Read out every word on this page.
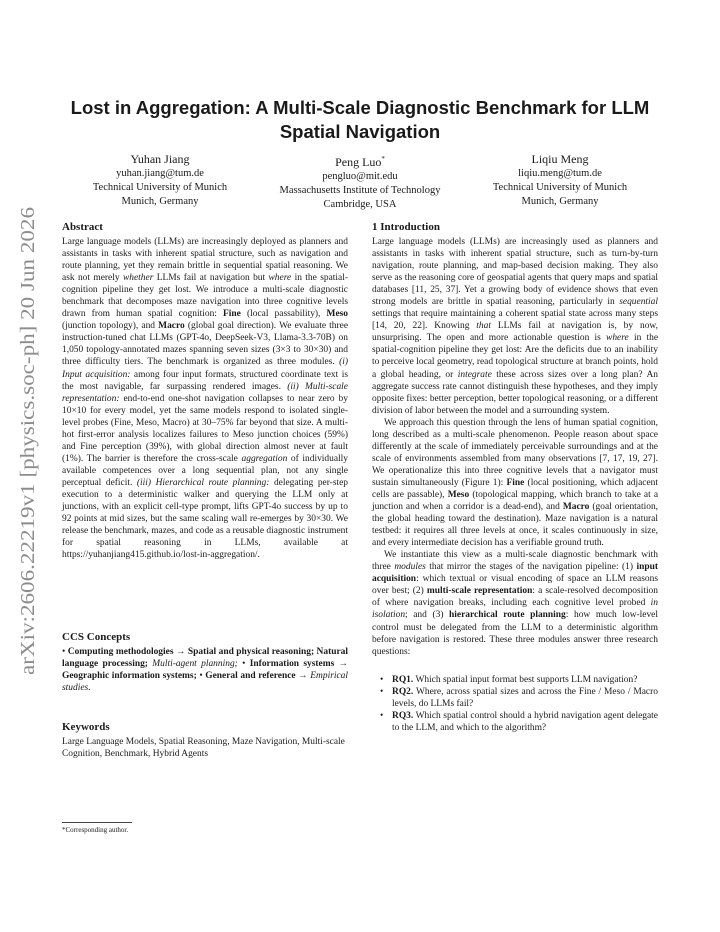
arXiv:2606.22219v1 [physics.soc-ph] 20 Jun 2026
Lost in Aggregation: A Multi-Scale Diagnostic Benchmark for LLM Spatial Navigation
Yuhan Jiang
yuhan.jiang@tum.de
Technical University of Munich
Munich, Germany
Peng Luo*
pengluo@mit.edu
Massachusetts Institute of Technology
Cambridge, USA
Liqiu Meng
liqiu.meng@tum.de
Technical University of Munich
Munich, Germany
Abstract

Large language models (LLMs) are increasingly deployed as planners and assistants in tasks with inherent spatial structure, such as navigation and route planning, yet they remain brittle in sequential spatial reasoning. We ask not merely whether LLMs fail at navigation but where in the spatial-cognition pipeline they get lost. We introduce a multi-scale diagnostic benchmark that decomposes maze navigation into three cognitive levels drawn from human spatial cognition: Fine (local passability), Meso (junction topology), and Macro (global goal direction). We evaluate three instruction-tuned chat LLMs (GPT-4o, DeepSeek-V3, Llama-3.3-70B) on 1,050 topology-annotated mazes spanning seven sizes (3×3 to 30×30) and three difficulty tiers. The benchmark is organized as three modules. (i) Input acquisition: among four input formats, structured coordinate text is the most navigable, far surpassing rendered images. (ii) Multi-scale representation: end-to-end one-shot navigation collapses to near zero by 10×10 for every model, yet the same models respond to isolated single-level probes (Fine, Meso, Macro) at 30–75% far beyond that size. A multi-hot first-error analysis localizes failures to Meso junction choices (59%) and Fine perception (39%), with global direction almost never at fault (1%). The barrier is therefore the cross-scale aggregation of individually available competences over a long sequential plan, not any single perceptual deficit. (iii) Hierarchical route planning: delegating per-step execution to a deterministic walker and querying the LLM only at junctions, with an explicit cell-type prompt, lifts GPT-4o success by up to 92 points at mid sizes, but the same scaling wall re-emerges by 30×30. We release the benchmark, mazes, and code as a reusable diagnostic instrument for spatial reasoning in LLMs, available at https://yuhanjiang415.github.io/lost-in-aggregation/.

CCS Concepts

• Computing methodologies → Spatial and physical reasoning; Natural language processing; Multi-agent planning; • Information systems → Geographic information systems; • General and reference → Empirical studies.

Keywords

Large Language Models, Spatial Reasoning, Maze Navigation, Multi-scale Cognition, Benchmark, Hybrid Agents

*Corresponding author.
1 Introduction

Large language models (LLMs) are increasingly used as planners and assistants in tasks with inherent spatial structure, such as turn-by-turn navigation, route planning, and map-based decision making. They also serve as the reasoning core of geospatial agents that query maps and spatial databases [11, 25, 37]. Yet a growing body of evidence shows that even strong models are brittle in spatial reasoning, particularly in sequential settings that require maintaining a coherent spatial state across many steps [14, 20, 22]. Knowing that LLMs fail at navigation is, by now, unsurprising. The open and more actionable question is where in the spatial-cognition pipeline they get lost: Are the deficits due to an inability to perceive local geometry, read topological structure at branch points, hold a global heading, or integrate these across sizes over a long plan? An aggregate success rate cannot distinguish these hypotheses, and they imply opposite fixes: better perception, better topological reasoning, or a different division of labor between the model and a surrounding system.

We approach this question through the lens of human spatial cognition, long described as a multi-scale phenomenon. People reason about space differently at the scale of immediately perceivable surroundings and at the scale of environments assembled from many observations [7, 17, 19, 27]. We operationalize this into three cognitive levels that a navigator must sustain simultaneously (Figure 1): Fine (local positioning, which adjacent cells are passable), Meso (topological mapping, which branch to take at a junction and when a corridor is a dead-end), and Macro (goal orientation, the global heading toward the destination). Maze navigation is a natural testbed: it requires all three levels at once, it scales continuously in size, and every intermediate decision has a verifiable ground truth.

We instantiate this view as a multi-scale diagnostic benchmark with three modules that mirror the stages of the navigation pipeline: (1) input acquisition: which textual or visual encoding of space an LLM reasons over best; (2) multi-scale representation: a scale-resolved decomposition of where navigation breaks, including each cognitive level probed in isolation; and (3) hierarchical route planning: how much low-level control must be delegated from the LLM to a deterministic algorithm before navigation is restored. These three modules answer three research questions:

• RQ1. Which spatial input format best supports LLM navigation?
• RQ2. Where, across spatial sizes and across the Fine / Meso / Macro levels, do LLMs fail?
• RQ3. Which spatial control should a hybrid navigation agent delegate to the LLM, and which to the algorithm?
